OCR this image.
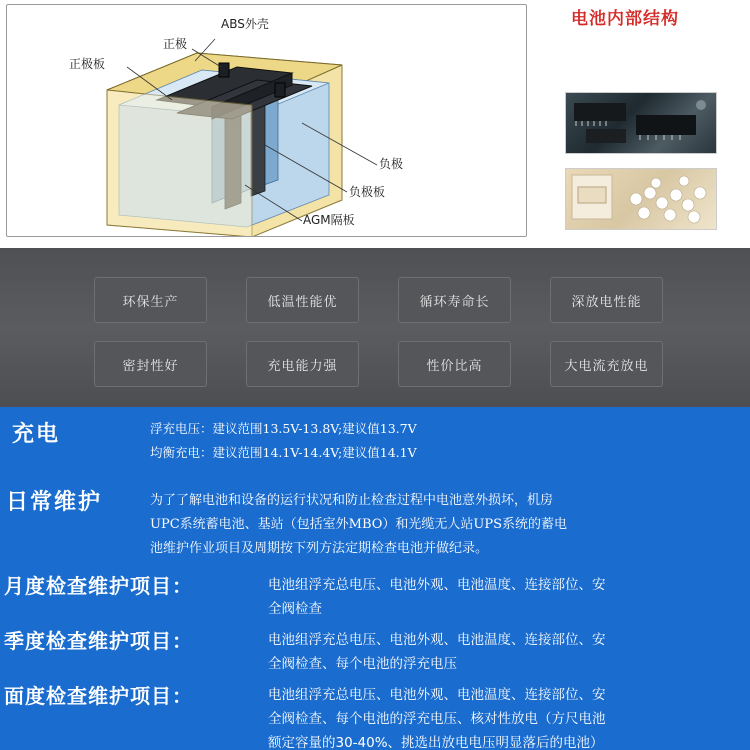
ABS外壳
正极
正极板
负极
负极板
AGM隔板
电池内部结构
环保生产	低温性能优	循环寿命长	深放电性能
密封性好	充电能力强	性价比高	大电流充放电
充电	浮充电压：建议范围13.5V-13.8V;建议值13.7V
均衡充电：建议范围14.1V-14.4V;建议值14.1V
日常维护	为了了解电池和设备的运行状况和防止检查过程中电池意外损坏，机房
UPC系统蓄电池、基站（包括室外MBO）和光缆无人站UPS系统的蓄电
池维护作业项目及周期按下列方法定期检查电池并做纪录。
月度检查维护项目：	电池组浮充总电压、电池外观、电池温度、连接部位、安
全阀检查
季度检查维护项目：	电池组浮充总电压、电池外观、电池温度、连接部位、安
全阀检查、每个电池的浮充电压
面度检查维护项目：	电池组浮充总电压、电池外观、电池温度、连接部位、安
全阀检查、每个电池的浮充电压、核对性放电（方尺电池
额定容量的30-40%、挑选出放电电压明显落后的电池）
